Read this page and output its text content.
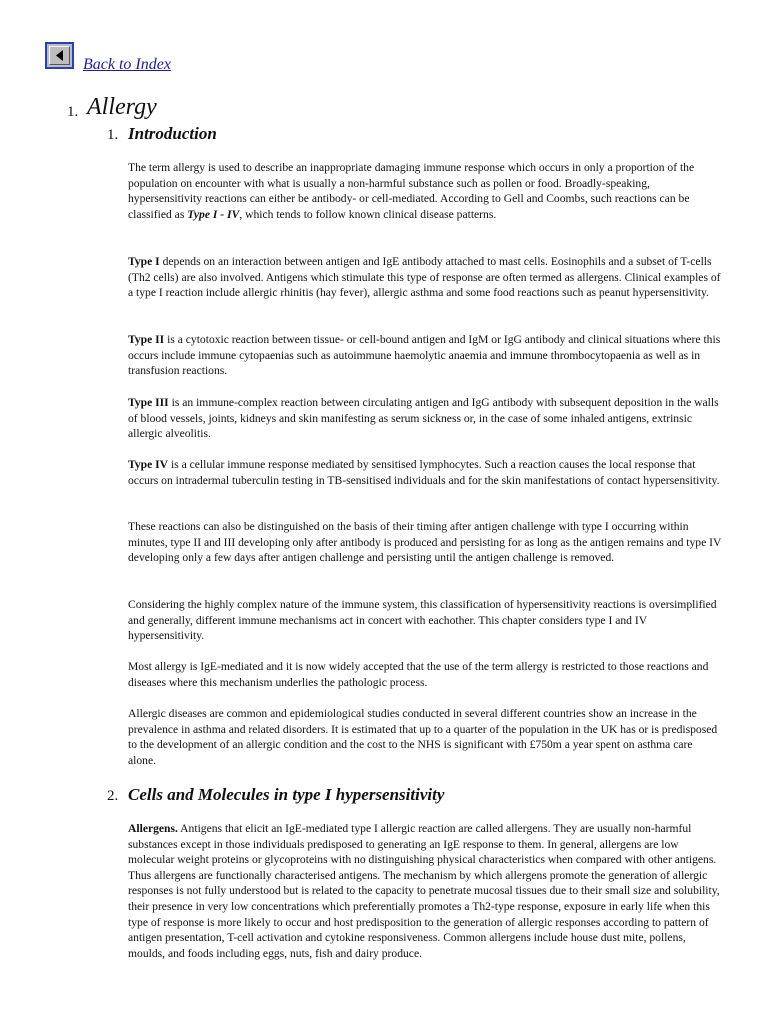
Back to Index
1. Allergy
1. Introduction

The term allergy is used to describe an inappropriate damaging immune response which occurs in only a proportion of the population on encounter with what is usually a non-harmful substance such as pollen or food. Broadly-speaking, hypersensitivity reactions can either be antibody- or cell-mediated. According to Gell and Coombs, such reactions can be classified as Type I - IV, which tends to follow known clinical disease patterns.

Type I depends on an interaction between antigen and IgE antibody attached to mast cells. Eosinophils and a subset of T-cells (Th2 cells) are also involved. Antigens which stimulate this type of response are often termed as allergens. Clinical examples of a type I reaction include allergic rhinitis (hay fever), allergic asthma and some food reactions such as peanut hypersensitivity.

Type II is a cytotoxic reaction between tissue- or cell-bound antigen and IgM or IgG antibody and clinical situations where this occurs include immune cytopaenias such as autoimmune haemolytic anaemia and immune thrombocytopaenia as well as in transfusion reactions.

Type III is an immune-complex reaction between circulating antigen and IgG antibody with subsequent deposition in the walls of blood vessels, joints, kidneys and skin manifesting as serum sickness or, in the case of some inhaled antigens, extrinsic allergic alveolitis.

Type IV is a cellular immune response mediated by sensitised lymphocytes. Such a reaction causes the local response that occurs on intradermal tuberculin testing in TB-sensitised individuals and for the skin manifestations of contact hypersensitivity.

These reactions can also be distinguished on the basis of their timing after antigen challenge with type I occurring within minutes, type II and III developing only after antibody is produced and persisting for as long as the antigen remains and type IV developing only a few days after antigen challenge and persisting until the antigen challenge is removed.

Considering the highly complex nature of the immune system, this classification of hypersensitivity reactions is oversimplified and generally, different immune mechanisms act in concert with eachother. This chapter considers type I and IV hypersensitivity.

Most allergy is IgE-mediated and it is now widely accepted that the use of the term allergy is restricted to those reactions and diseases where this mechanism underlies the pathologic process.

Allergic diseases are common and epidemiological studies conducted in several different countries show an increase in the prevalence in asthma and related disorders. It is estimated that up to a quarter of the population in the UK has or is predisposed to the development of an allergic condition and the cost to the NHS is significant with £750m a year spent on asthma care alone.

2. Cells and Molecules in type I hypersensitivity

Allergens. Antigens that elicit an IgE-mediated type I allergic reaction are called allergens. They are usually non-harmful substances except in those individuals predisposed to generating an IgE response to them. In general, allergens are low molecular weight proteins or glycoproteins with no distinguishing physical characteristics when compared with other antigens. Thus allergens are functionally characterised antigens. The mechanism by which allergens promote the generation of allergic responses is not fully understood but is related to the capacity to penetrate mucosal tissues due to their small size and solubility, their presence in very low concentrations which preferentially promotes a Th2-type response, exposure in early life when this type of response is more likely to occur and host predisposition to the generation of allergic responses according to pattern of antigen presentation, T-cell activation and cytokine responsiveness. Common allergens include house dust mite, pollens, moulds, and foods including eggs, nuts, fish and dairy produce.
